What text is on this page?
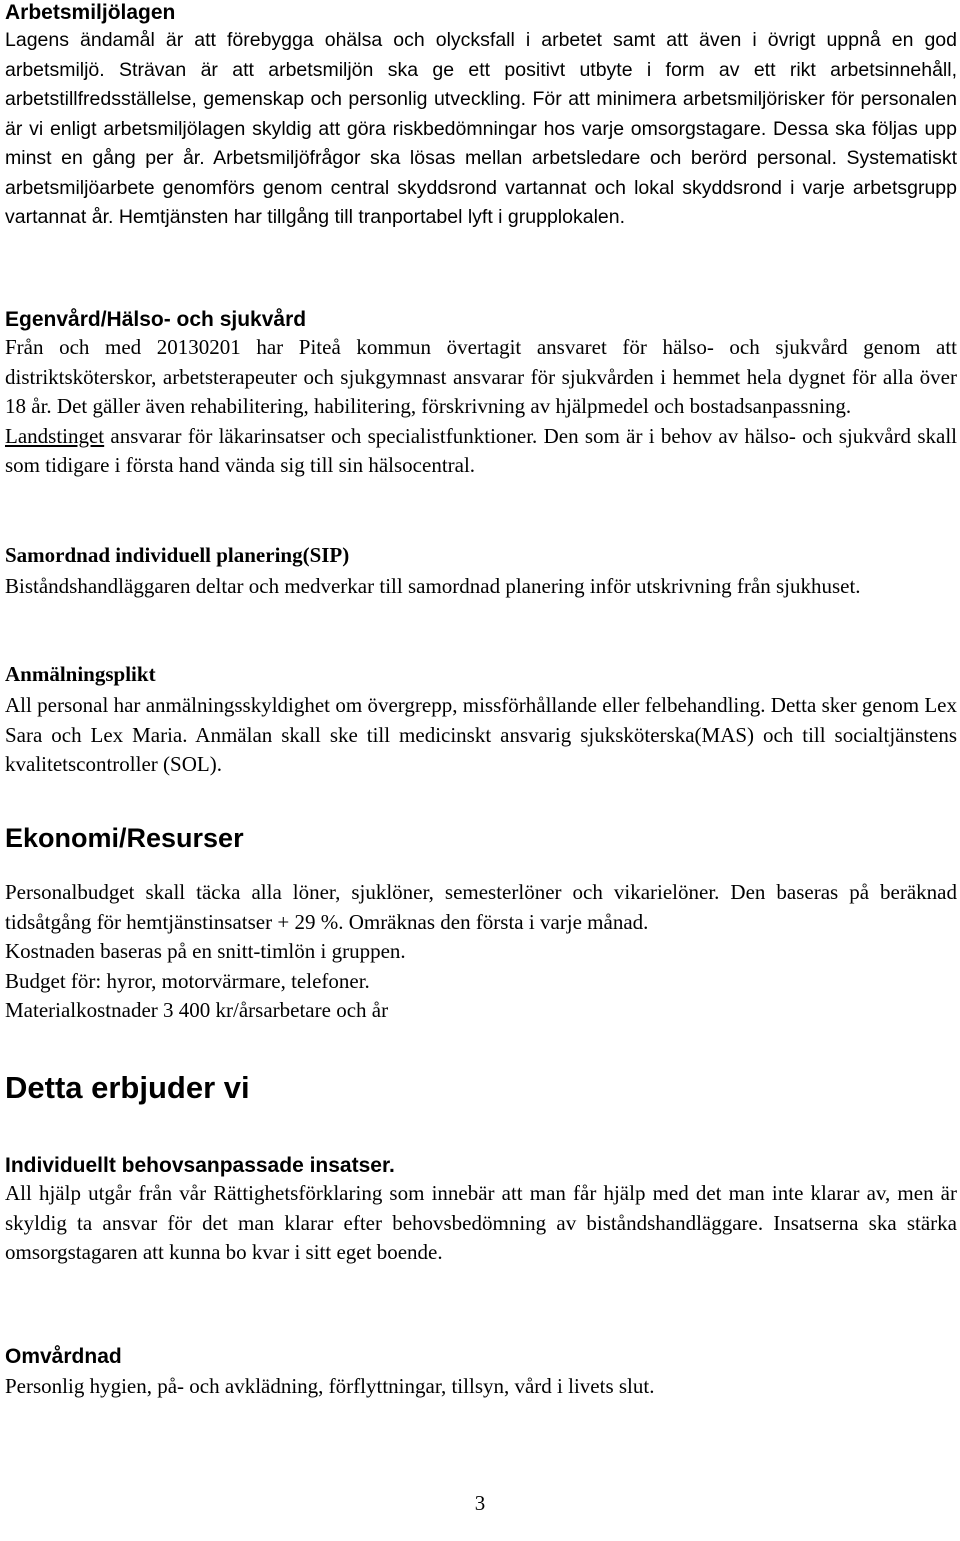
Arbetsmiljölagen

Lagens ändamål är att förebygga ohälsa och olycksfall i arbetet samt att även i övrigt uppnå en god arbetsmiljö. Strävan är att arbetsmiljön ska ge ett positivt utbyte i form av ett rikt arbetsinnehåll, arbetstillfredsställelse, gemenskap och personlig utveckling. För att minimera arbetsmiljörisker för personalen är vi enligt arbetsmiljölagen skyldig att göra riskbedömningar hos varje omsorgstagare. Dessa ska följas upp minst en gång per år. Arbetsmiljöfrågor ska lösas mellan arbetsledare och berörd personal. Systematiskt arbetsmiljöarbete genomförs genom central skyddsrond vartannat och lokal skyddsrond i varje arbetsgrupp vartannat år. Hemtjänsten har tillgång till tranportabel lyft i grupplokalen.

Egenvård/Hälso- och sjukvård

Från och med 20130201 har Piteå kommun övertagit ansvaret för hälso- och sjukvård genom att distriktsköterskor, arbetsterapeuter och sjukgymnast ansvarar för sjukvården i hemmet hela dygnet för alla över 18 år. Det gäller även rehabilitering, habilitering, förskrivning av hjälpmedel och bostadsanpassning.

Landstinget ansvarar för läkarinsatser och specialistfunktioner. Den som är i behov av hälso- och sjukvård skall som tidigare i första hand vända sig till sin hälsocentral.

Samordnad individuell planering(SIP)

Biståndshandläggaren deltar och medverkar till samordnad planering inför utskrivning från sjukhuset.

Anmälningsplikt

All personal har anmälningsskyldighet om övergrepp, missförhållande eller felbehandling. Detta sker genom Lex Sara och Lex Maria. Anmälan skall ske till medicinskt ansvarig sjuksköterska(MAS) och till socialtjänstens kvalitetscontroller (SOL).

Ekonomi/Resurser

Personalbudget skall täcka alla löner, sjuklöner, semesterlöner och vikarielöner. Den baseras på beräknad tidsåtgång för hemtjänstinsatser + 29 %. Omräknas den första i varje månad.

Kostnaden baseras på en snitt-timlön i gruppen.

Budget för: hyror, motorvärmare, telefoner.

Materialkostnader 3 400 kr/årsarbetare och år

Detta erbjuder vi
Individuellt behovsanpassade insatser.

All hjälp utgår från vår Rättighetsförklaring som innebär att man får hjälp med det man inte klarar av, men är skyldig ta ansvar för det man klarar efter behovsbedömning av biståndshandläggare. Insatserna ska stärka omsorgstagaren att kunna bo kvar i sitt eget boende.

Omvårdnad

Personlig hygien, på- och avklädning, förflyttningar, tillsyn, vård i livets slut.

3
